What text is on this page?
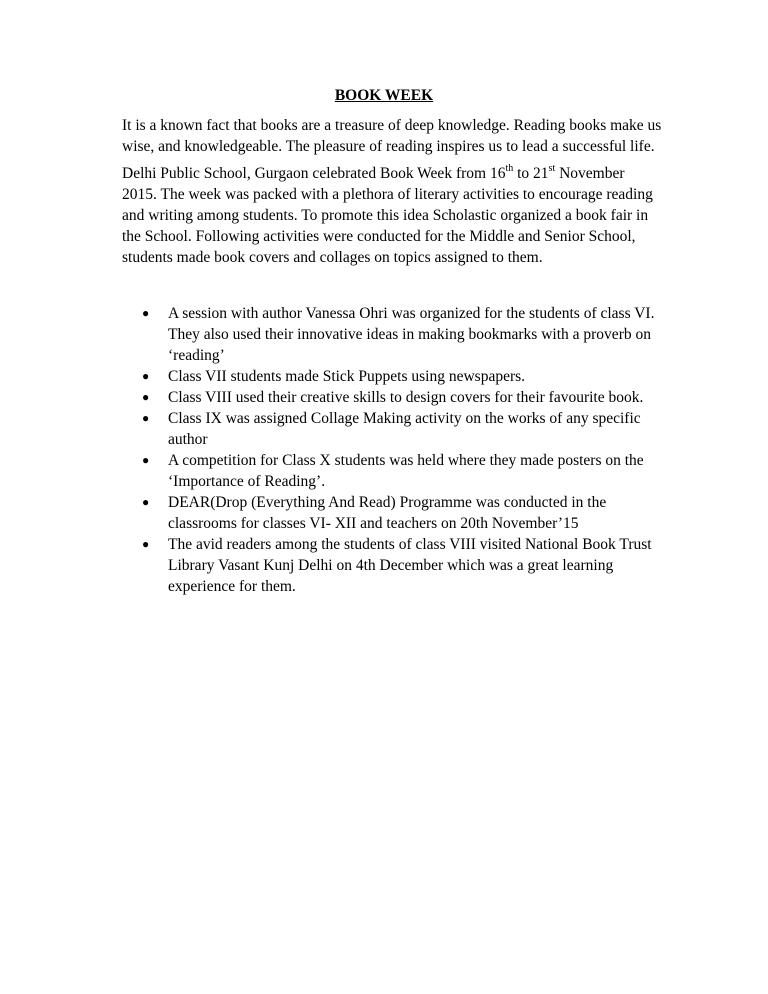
BOOK WEEK

It is a known fact that books are a treasure of deep knowledge. Reading books make us wise, and knowledgeable. The pleasure of reading inspires us to lead a successful life.

Delhi Public School, Gurgaon celebrated Book Week from 16th to 21st November 2015. The week was packed with a plethora of literary activities to encourage reading and writing among students. To promote this idea Scholastic organized a book fair in the School. Following activities were conducted for the Middle and Senior School, students made book covers and collages on topics assigned to them.

● A session with author Vanessa Ohri was organized for the students of class VI. They also used their innovative ideas in making bookmarks with a proverb on ‘reading’
● Class VII students made Stick Puppets using newspapers.
● Class VIII used their creative skills to design covers for their favourite book.
● Class IX was assigned Collage Making activity on the works of any specific author
● A competition for Class X students was held where they made posters on the ‘Importance of Reading’.
● DEAR(Drop (Everything And Read) Programme was conducted in the classrooms for classes VI- XII and teachers on 20th November’15
● The avid readers among the students of class VIII visited National Book Trust Library Vasant Kunj Delhi on 4th December which was a great learning experience for them.
